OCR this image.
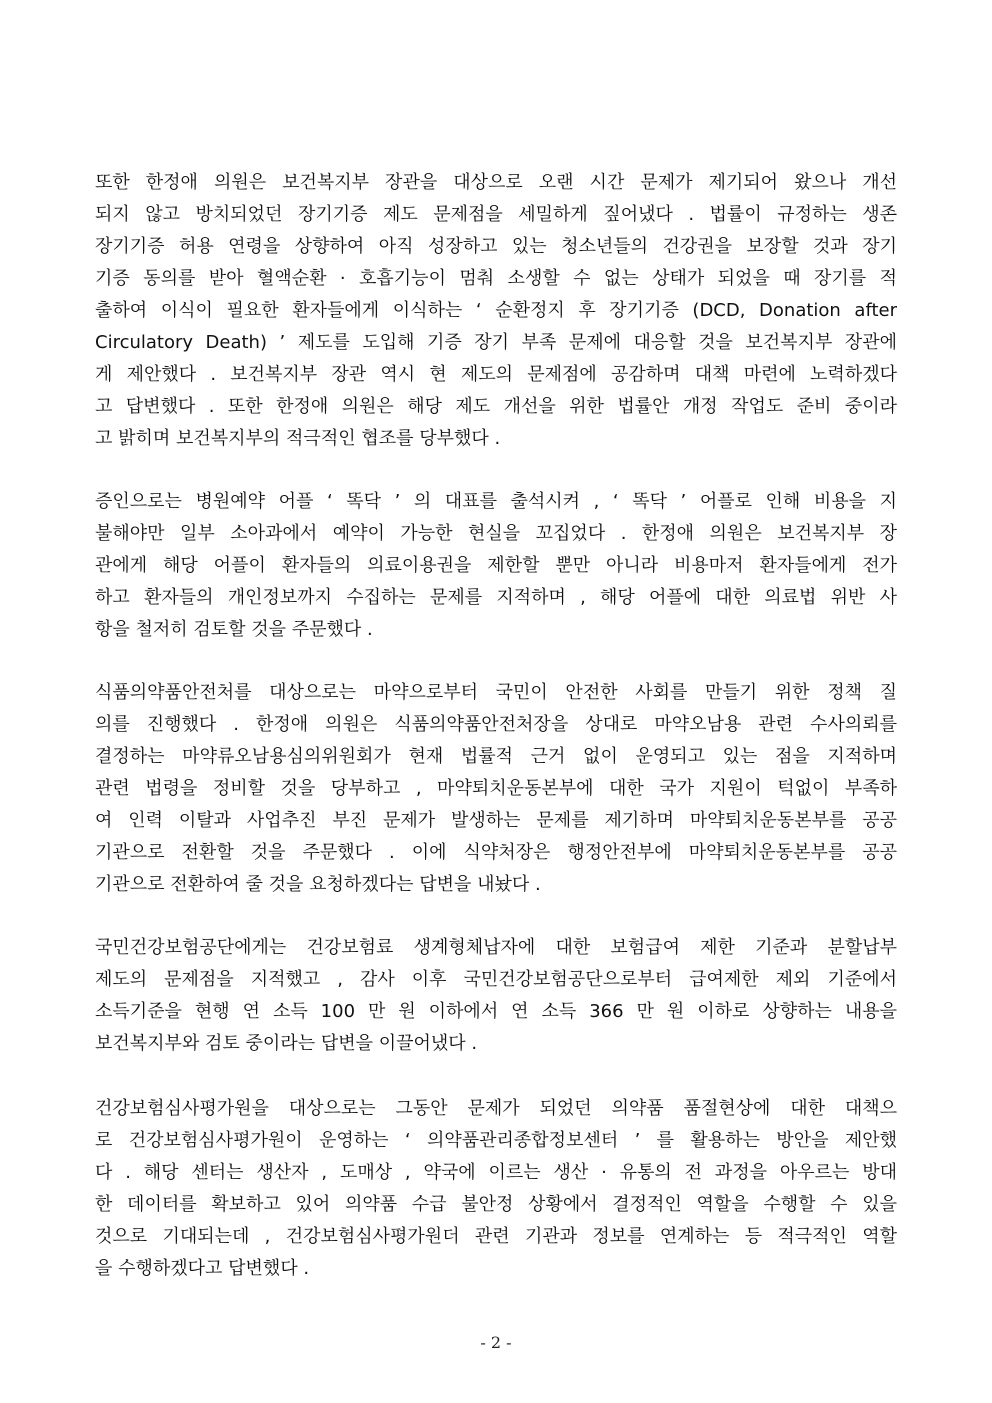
또한 한정애 의원은 보건복지부 장관을 대상으로 오랜 시간 문제가 제기되어 왔으나 개선
되지 않고 방치되었던 장기기증 제도 문제점을 세밀하게 짚어냈다 . 법률이 규정하는 생존
장기기증 허용 연령을 상향하여 아직 성장하고 있는 청소년들의 건강권을 보장할 것과 장기
기증 동의를 받아 혈액순환 · 호흡기능이 멈춰 소생할 수 없는 상태가 되었을 때 장기를 적
출하여 이식이 필요한 환자들에게 이식하는 ‘ 순환정지 후 장기기증 (DCD, Donation after
Circulatory Death) ’ 제도를 도입해 기증 장기 부족 문제에 대응할 것을 보건복지부 장관에
게 제안했다 . 보건복지부 장관 역시 현 제도의 문제점에 공감하며 대책 마련에 노력하겠다
고 답변했다 . 또한 한정애 의원은 해당 제도 개선을 위한 법률안 개정 작업도 준비 중이라
고 밝히며 보건복지부의 적극적인 협조를 당부했다 .
증인으로는 병원예약 어플 ‘ 똑닥 ’ 의 대표를 출석시켜 , ‘ 똑닥 ’ 어플로 인해 비용을 지
불해야만 일부 소아과에서 예약이 가능한 현실을 꼬집었다 . 한정애 의원은 보건복지부 장
관에게 해당 어플이 환자들의 의료이용권을 제한할 뿐만 아니라 비용마저 환자들에게 전가
하고 환자들의 개인정보까지 수집하는 문제를 지적하며 , 해당 어플에 대한 의료법 위반 사
항을 철저히 검토할 것을 주문했다 .
식품의약품안전처를 대상으로는 마약으로부터 국민이 안전한 사회를 만들기 위한 정책 질
의를 진행했다 . 한정애 의원은 식품의약품안전처장을 상대로 마약오남용 관련 수사의뢰를
결정하는 마약류오남용심의위원회가 현재 법률적 근거 없이 운영되고 있는 점을 지적하며
관련 법령을 정비할 것을 당부하고 , 마약퇴치운동본부에 대한 국가 지원이 턱없이 부족하
여 인력 이탈과 사업추진 부진 문제가 발생하는 문제를 제기하며 마약퇴치운동본부를 공공
기관으로 전환할 것을 주문했다 . 이에 식약처장은 행정안전부에 마약퇴치운동본부를 공공
기관으로 전환하여 줄 것을 요청하겠다는 답변을 내놨다 .
국민건강보험공단에게는 건강보험료 생계형체납자에 대한 보험급여 제한 기준과 분할납부
제도의 문제점을 지적했고 , 감사 이후 국민건강보험공단으로부터 급여제한 제외 기준에서
소득기준을 현행 연 소득 100 만 원 이하에서 연 소득 366 만 원 이하로 상향하는 내용을
보건복지부와 검토 중이라는 답변을 이끌어냈다 .
건강보험심사평가원을 대상으로는 그동안 문제가 되었던 의약품 품절현상에 대한 대책으
로 건강보험심사평가원이 운영하는 ‘ 의약품관리종합정보센터 ’ 를 활용하는 방안을 제안했
다 . 해당 센터는 생산자 , 도매상 , 약국에 이르는 생산 · 유통의 전 과정을 아우르는 방대
한 데이터를 확보하고 있어 의약품 수급 불안정 상황에서 결정적인 역할을 수행할 수 있을
것으로 기대되는데 , 건강보험심사평가원더 관련 기관과 정보를 연계하는 등 적극적인 역할
을 수행하겠다고 답변했다 .
- 2 -
